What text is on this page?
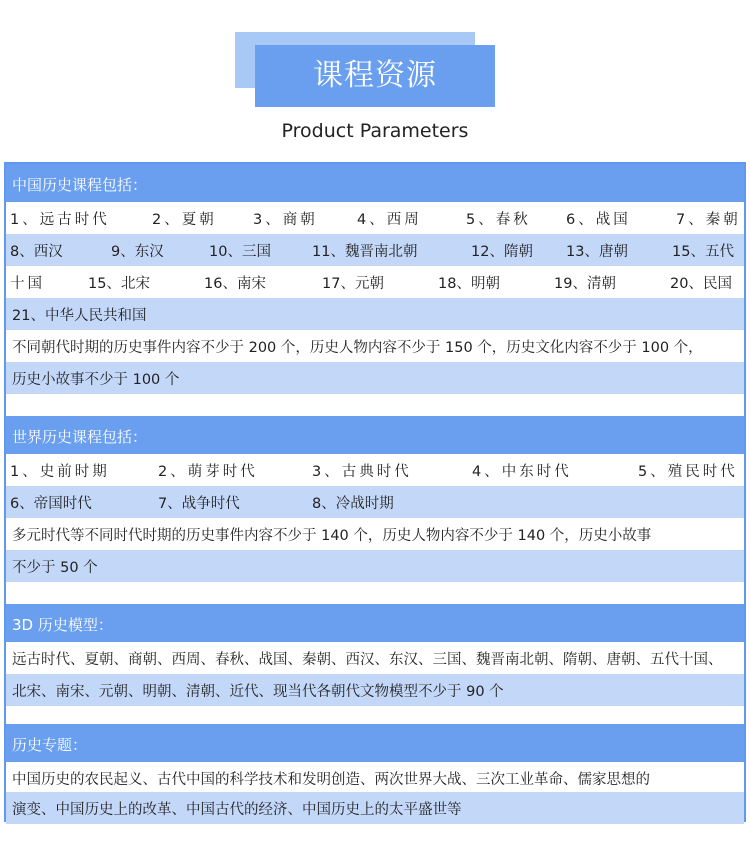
课程资源
Product Parameters
中国历史课程包括：
1、远古时代	2、夏朝	3、商朝	4、西周	5、春秋 6、战国	7、秦朝
8、西汉	9、东汉	10、三国	11、魏晋南北朝	12、隋朝 13、唐朝	15、五代
十国	15、北宋	16、南宋	17、元朝	18、明朝	19、清朝	20、民国
21、中华人民共和国
不同朝代时期的历史事件内容不少于 200 个，历史人物内容不少于 150 个，历史文化内容不少于 100 个，
历史小故事不少于 100 个
世界历史课程包括：
1、史前时期	2、萌芽时代	3、古典时代	4、中东时代	5、殖民时代
6、帝国时代	7、战争时代	8、冷战时期
多元时代等不同时代时期的历史事件内容不少于 140 个，历史人物内容不少于 140 个，历史小故事
不少于 50 个
3D 历史模型：
远古时代、夏朝、商朝、西周、春秋、战国、秦朝、西汉、东汉、三国、魏晋南北朝、隋朝、唐朝、五代十国、
北宋、南宋、元朝、明朝、清朝、近代、现当代各朝代文物模型不少于 90 个
历史专题：
中国历史的农民起义、古代中国的科学技术和发明创造、两次世界大战、三次工业革命、儒家思想的
演变、中国历史上的改革、中国古代的经济、中国历史上的太平盛世等
